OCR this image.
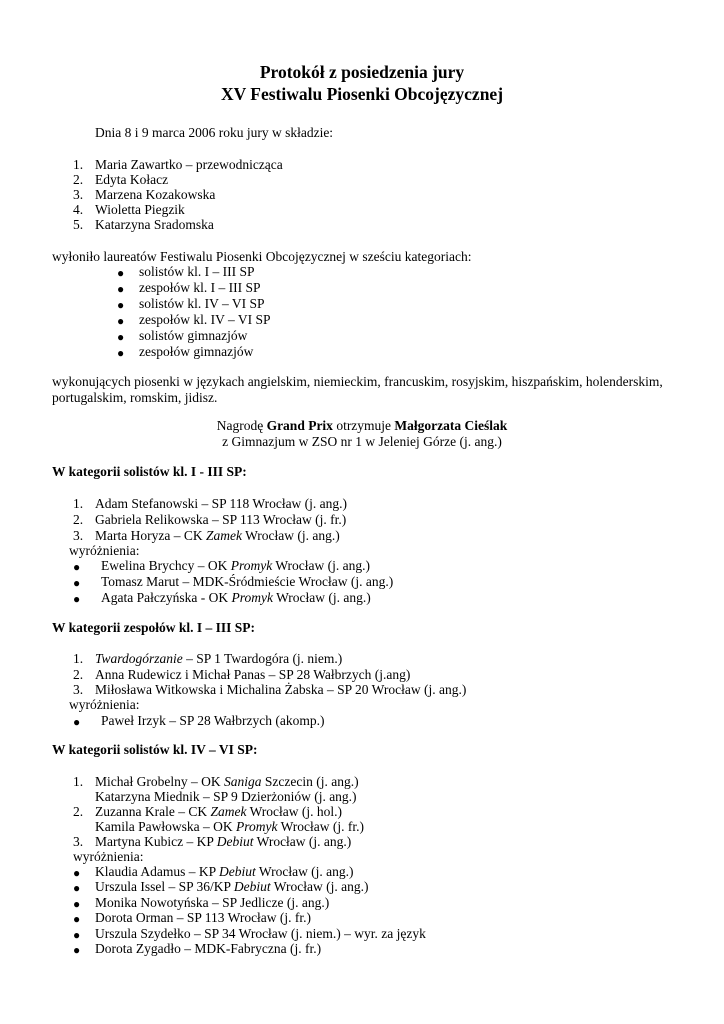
Protokół z posiedzenia jury
XV Festiwalu Piosenki Obcojęzycznej
Dnia 8 i 9 marca 2006 roku jury w składzie:
1. Maria Zawartko – przewodnicząca
2. Edyta Kołacz
3. Marzena Kozakowska
4. Wioletta Piegzik
5. Katarzyna Sradomska
wyłoniło laureatów Festiwalu Piosenki Obcojęzycznej w sześciu kategoriach:
● solistów kl. I – III SP
● zespołów kl. I – III SP
● solistów kl. IV – VI SP
● zespołów kl. IV – VI SP
● solistów gimnazjów
● zespołów gimnazjów
wykonujących piosenki w językach angielskim, niemieckim, francuskim, rosyjskim, hiszpańskim, holenderskim,
portugalskim, romskim, jidisz.
Nagrodę Grand Prix otrzymuje Małgorzata Cieślak
z Gimnazjum w ZSO nr 1 w Jeleniej Górze (j. ang.)
W kategorii solistów kl. I - III SP:
1. Adam Stefanowski – SP 118 Wrocław (j. ang.)
2. Gabriela Relikowska – SP 113 Wrocław (j. fr.)
3. Marta Horyza – CK Zamek Wrocław (j. ang.)
wyróżnienia:
● Ewelina Brychcy – OK Promyk Wrocław (j. ang.)
● Tomasz Marut – MDK-Śródmieście Wrocław (j. ang.)
● Agata Pałczyńska - OK Promyk Wrocław (j. ang.)
W kategorii zespołów kl. I – III SP:
1. Twardogórzanie – SP 1 Twardogóra (j. niem.)
2. Anna Rudewicz i Michał Panas – SP 28 Wałbrzych (j.ang)
3. Miłosława Witkowska i Michalina Żabska – SP 20 Wrocław (j. ang.)
wyróżnienia:
● Paweł Irzyk – SP 28 Wałbrzych (akomp.)
W kategorii solistów kl. IV – VI SP:
1. Michał Grobelny – OK Saniga Szczecin (j. ang.)
Katarzyna Miednik – SP 9 Dzierżoniów (j. ang.)
2. Zuzanna Krale – CK Zamek Wrocław (j. hol.)
Kamila Pawłowska – OK Promyk Wrocław (j. fr.)
3. Martyna Kubicz – KP Debiut Wrocław (j. ang.)
wyróżnienia:
● Klaudia Adamus – KP Debiut Wrocław (j. ang.)
● Urszula Issel – SP 36/KP Debiut Wrocław (j. ang.)
● Monika Nowotyńska – SP Jedlicze (j. ang.)
● Dorota Orman – SP 113 Wrocław (j. fr.)
● Urszula Szydełko – SP 34 Wrocław (j. niem.) – wyr. za język
● Dorota Zygadło – MDK-Fabryczna (j. fr.)
